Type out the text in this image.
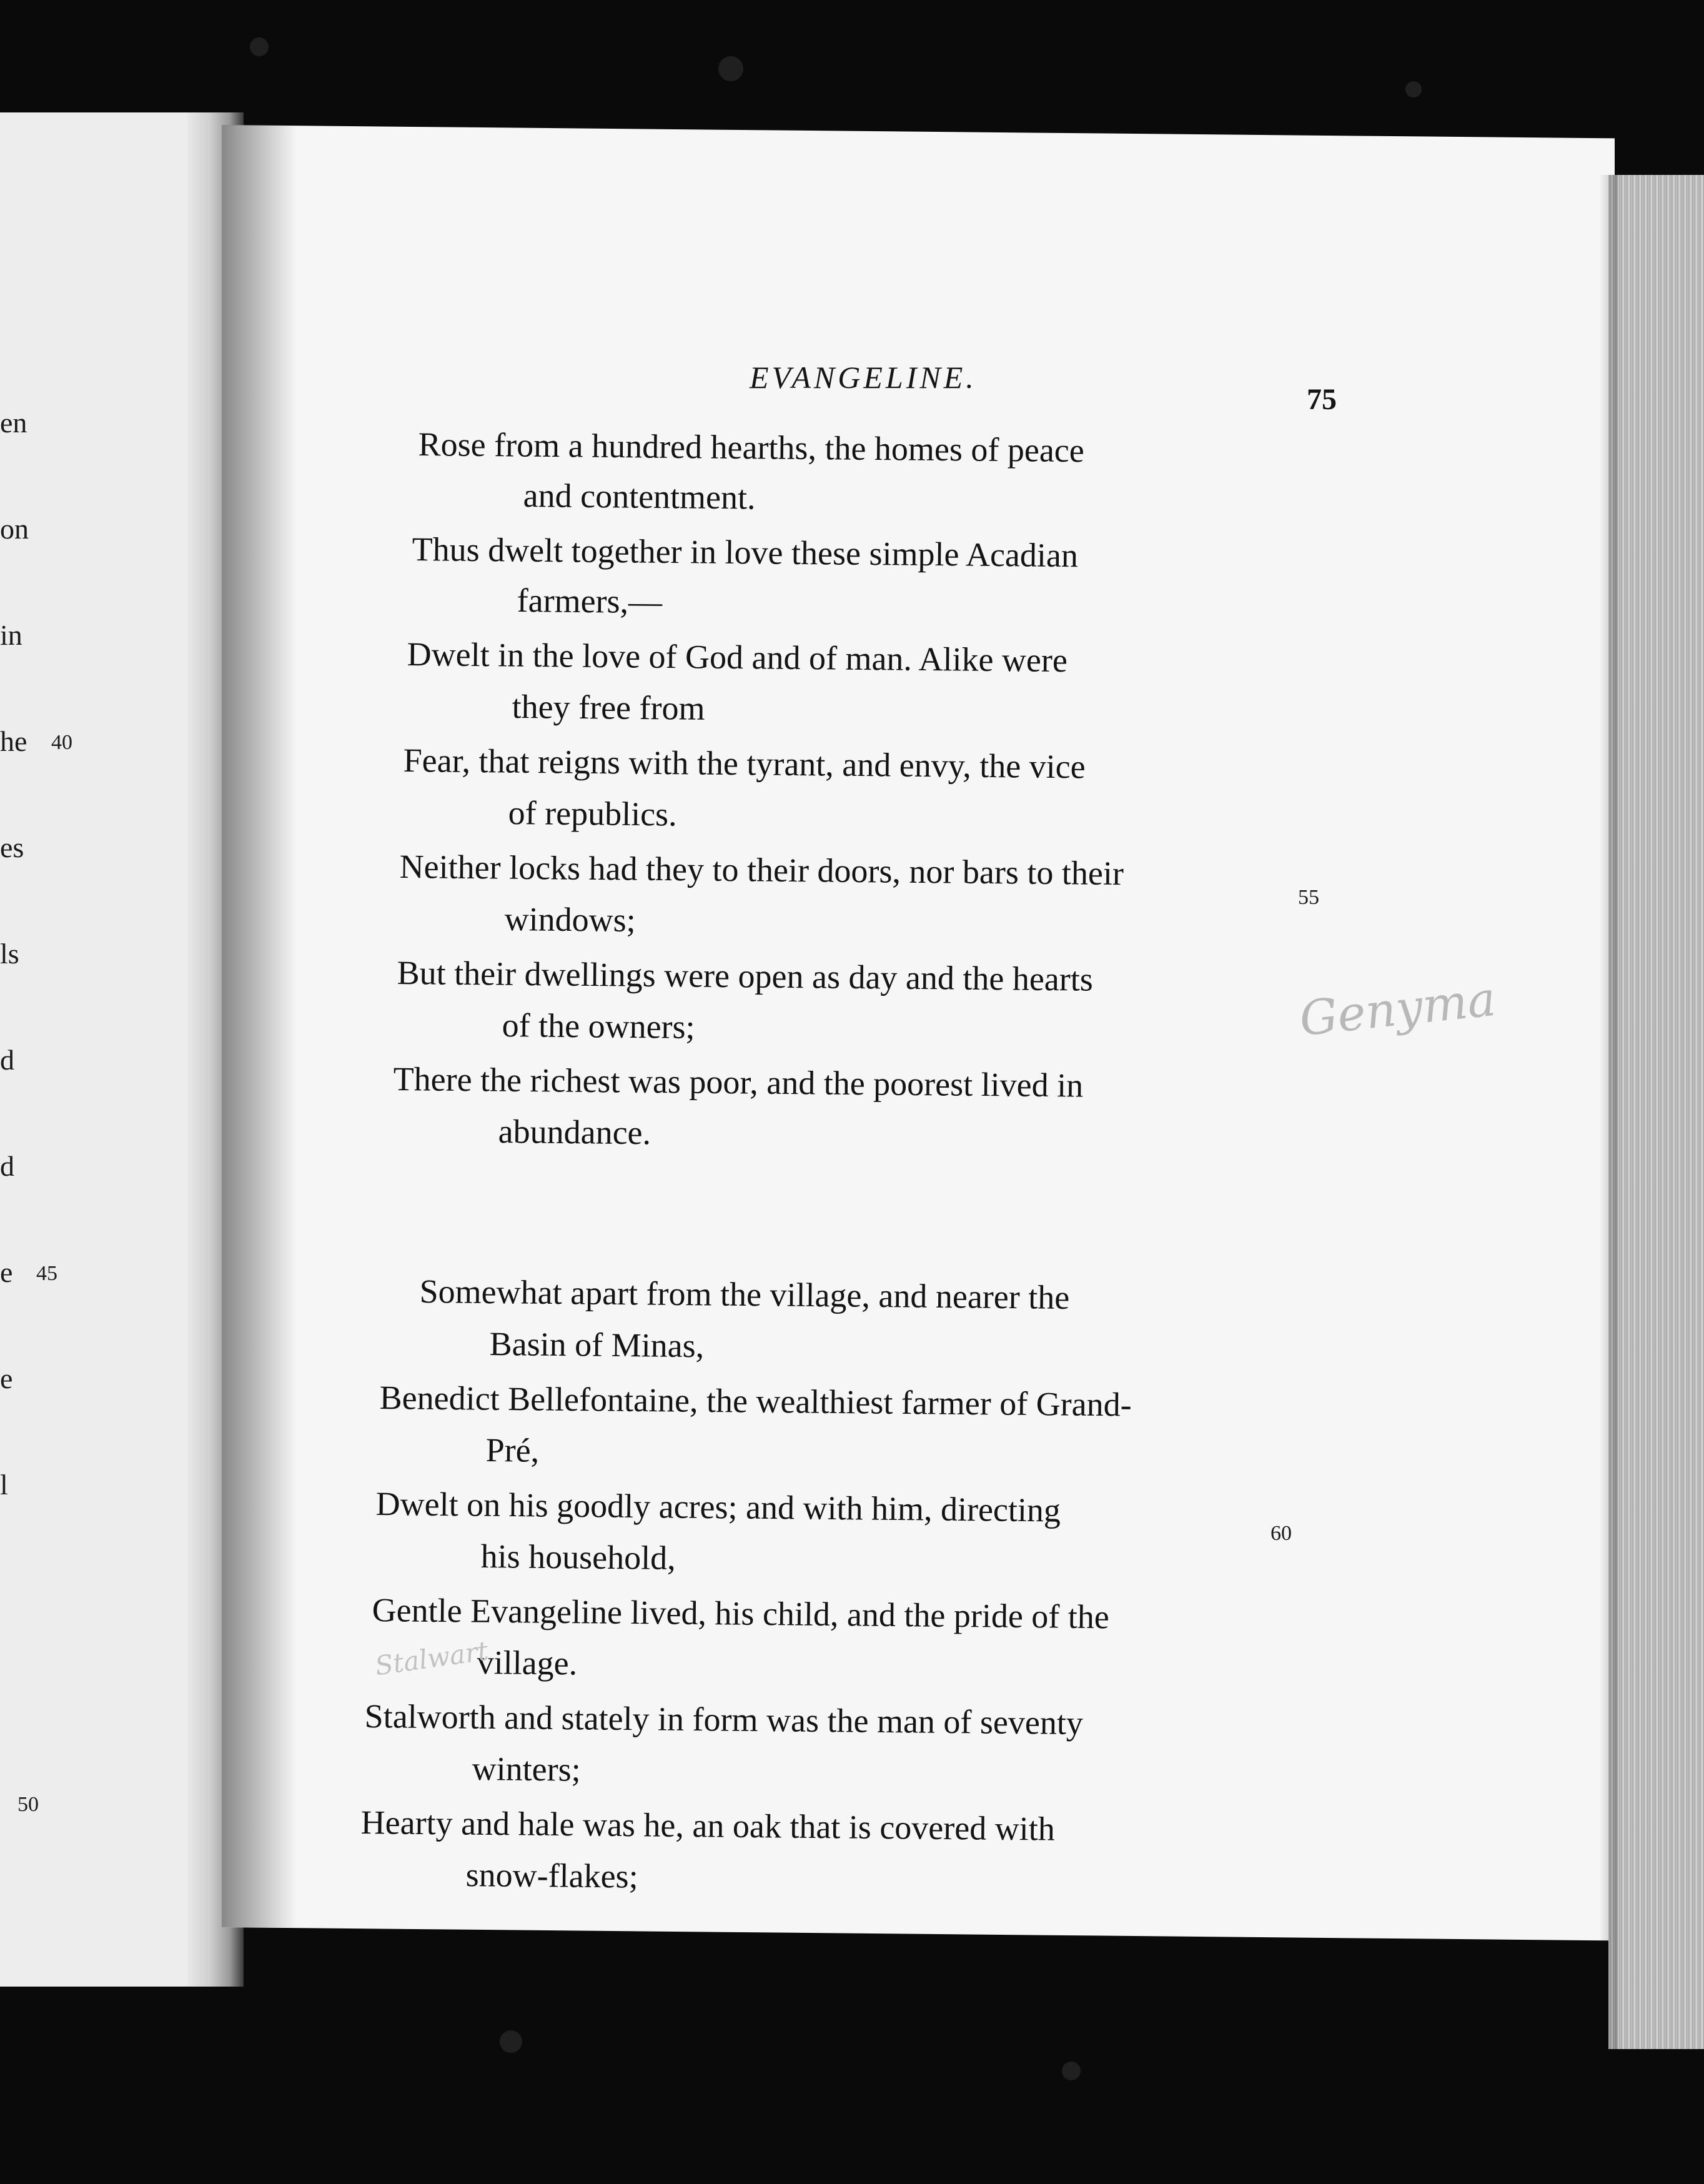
en
on
in
he 40
es
ls
d
d
e 45
e
l
50
EVANGELINE.
75
Rose from a hundred hearths, the homes of peace
and contentment.
Thus dwelt together in love these simple Acadian
farmers,—
Dwelt in the love of God and of man. Alike were
they free from
Fear, that reigns with the tyrant, and envy, the vice
of republics.
Neither locks had they to their doors, nor bars to their
windows;
55
But their dwellings were open as day and the hearts
of the owners;
There the richest was poor, and the poorest lived in
abundance.
Somewhat apart from the village, and nearer the
Basin of Minas,
Benedict Bellefontaine, the wealthiest farmer of Grand-
Pré,
Dwelt on his goodly acres; and with him, directing
his household,
60
Gentle Evangeline lived, his child, and the pride of the
village.
Stalworth and stately in form was the man of seventy
winters;
Hearty and hale was he, an oak that is covered with
snow-flakes;
Genyma
Stalwart
